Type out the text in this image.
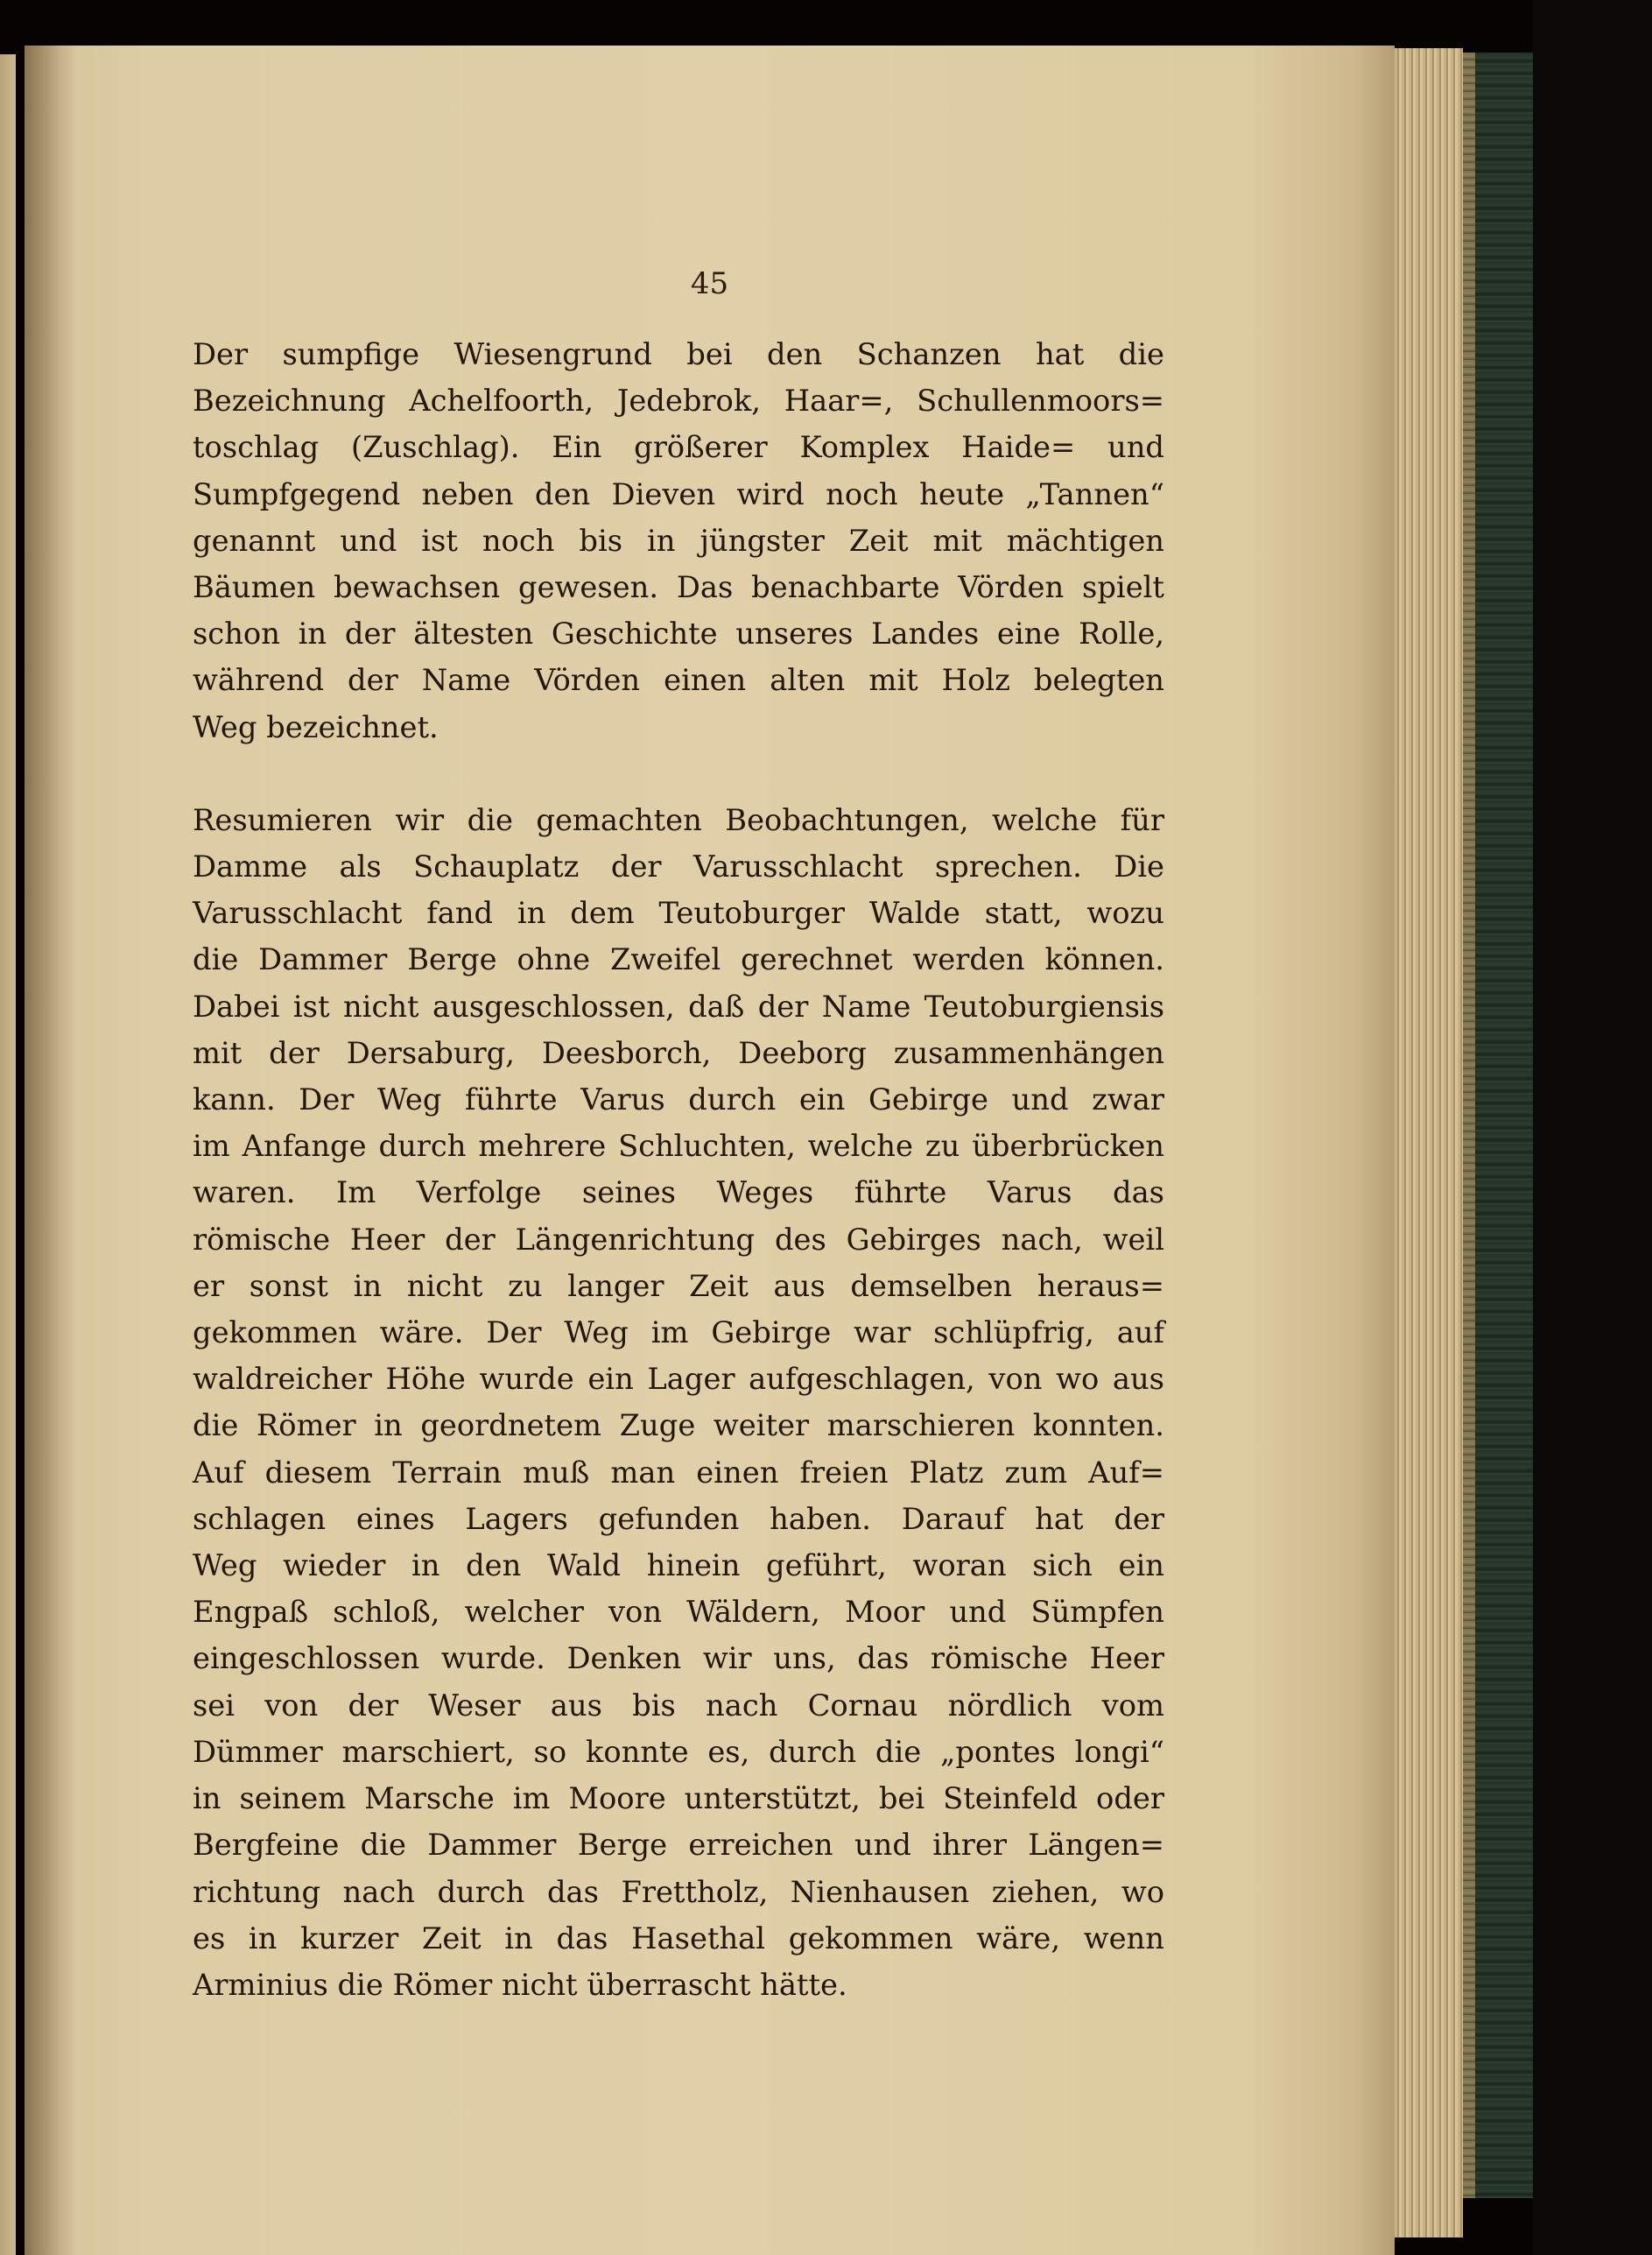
45
Der sumpfige Wiesengrund bei den Schanzen hat die
Bezeichnung Achelfoorth, Jedebrok, Haar=, Schullenmoors=
toschlag (Zuschlag). Ein größerer Komplex Haide= und
Sumpfgegend neben den Dieven wird noch heute „Tannen“
genannt und ist noch bis in jüngster Zeit mit mächtigen
Bäumen bewachsen gewesen. Das benachbarte Vörden spielt
schon in der ältesten Geschichte unseres Landes eine Rolle,
während der Name Vörden einen alten mit Holz belegten
Weg bezeichnet.
Resumieren wir die gemachten Beobachtungen, welche für
Damme als Schauplatz der Varusschlacht sprechen. Die
Varusschlacht fand in dem Teutoburger Walde statt, wozu
die Dammer Berge ohne Zweifel gerechnet werden können.
Dabei ist nicht ausgeschlossen, daß der Name Teutoburgiensis
mit der Dersaburg, Deesborch, Deeborg zusammenhängen
kann. Der Weg führte Varus durch ein Gebirge und zwar
im Anfange durch mehrere Schluchten, welche zu überbrücken
waren. Im Verfolge seines Weges führte Varus das
römische Heer der Längenrichtung des Gebirges nach, weil
er sonst in nicht zu langer Zeit aus demselben heraus=
gekommen wäre. Der Weg im Gebirge war schlüpfrig, auf
waldreicher Höhe wurde ein Lager aufgeschlagen, von wo aus
die Römer in geordnetem Zuge weiter marschieren konnten.
Auf diesem Terrain muß man einen freien Platz zum Auf=
schlagen eines Lagers gefunden haben. Darauf hat der
Weg wieder in den Wald hinein geführt, woran sich ein
Engpaß schloß, welcher von Wäldern, Moor und Sümpfen
eingeschlossen wurde. Denken wir uns, das römische Heer
sei von der Weser aus bis nach Cornau nördlich vom
Dümmer marschiert, so konnte es, durch die „pontes longi“
in seinem Marsche im Moore unterstützt, bei Steinfeld oder
Bergfeine die Dammer Berge erreichen und ihrer Längen=
richtung nach durch das Frettholz, Nienhausen ziehen, wo
es in kurzer Zeit in das Hasethal gekommen wäre, wenn
Arminius die Römer nicht überrascht hätte.
